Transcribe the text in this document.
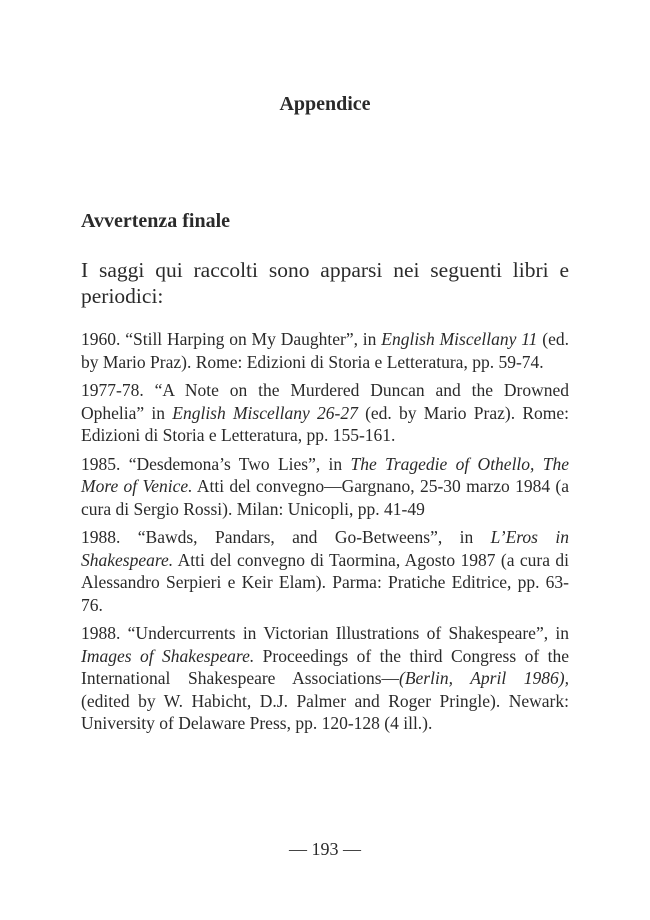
Appendice
Avvertenza finale

I saggi qui raccolti sono apparsi nei seguenti libri e periodici:

1960. “Still Harping on My Daughter”, in English Miscellany 11 (ed. by Mario Praz). Rome: Edizioni di Storia e Letteratura, pp. 59-74.

1977-78. “A Note on the Murdered Duncan and the Drowned Ophelia” in English Miscellany 26-27 (ed. by Mario Praz). Rome: Edizioni di Storia e Letteratura, pp. 155-161.

1985. “Desdemona’s Two Lies”, in The Tragedie of Othello, The More of Venice. Atti del convegno—Gargnano, 25-30 marzo 1984 (a cura di Sergio Rossi). Milan: Unicopli, pp. 41-49

1988. “Bawds, Pandars, and Go-Betweens”, in L’Eros in Shakespeare. Atti del convegno di Taormina, Agosto 1987 (a cura di Alessandro Serpieri e Keir Elam). Parma: Pratiche Editrice, pp. 63-76.

1988. “Undercurrents in Victorian Illustrations of Shakespeare”, in Images of Shakespeare. Proceedings of the third Congress of the International Shakespeare Associations—(Berlin, April 1986), (edited by W. Habicht, D.J. Palmer and Roger Pringle). Newark: University of Delaware Press, pp. 120-128 (4 ill.).

— 193 —
